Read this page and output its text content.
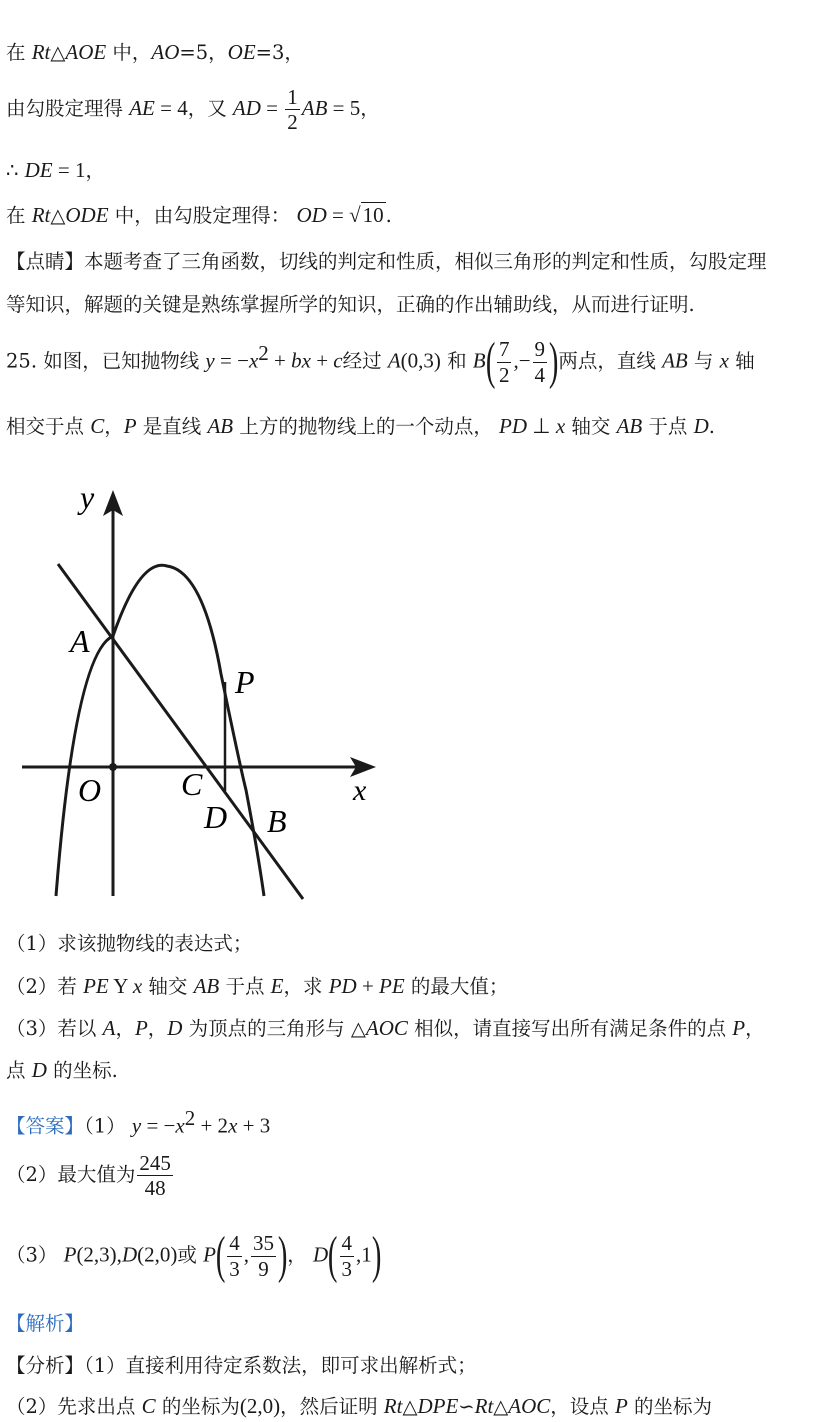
在 Rt△AOE 中，AO=5，OE=3，
由勾股定理得 AE = 4，又 AD = $\frac{1}{2}$ AB = 5，
∴ DE = 1，
在 Rt△ODE 中，由勾股定理得： OD = √10 .
【点睛】本题考查了三角函数，切线的判定和性质，相似三角形的判定和性质，勾股定理
等知识，解题的关键是熟练掌握所学的知识，正确的作出辅助线，从而进行证明.
25. 如图，已知抛物线 $y = -x^2$ + bx + c经过 A(0,3) 和 $B( \frac{7}{2}$ ,− $\frac{9}{4}$ )两点，直线 AB 与 x 轴
相交于点 C，P 是直线 AB 上方的抛物线上的一个动点， PD ⊥ x 轴交 AB 于点 D.
y
x
A
O C
D B
P
（1）求该抛物线的表达式；
（2）若 PE Y x 轴交 AB 于点 E，求 PD + PE 的最大值；
（3）若以 A，P，D 为顶点的三角形与 △AOC 相似，请直接写出所有满足条件的点 P，
点 D 的坐标.
【答案】（1） $y = -x^2 + 2x + 3$
（2）最大值为 $\frac{245}{48}$
（3） P(2,3),D(2,0)或 $P( \frac{4}{3}$ , $\frac{35}{9}$ )， $D( \frac{4}{3} ,1)$
【解析】
【分析】（1）直接利用待定系数法，即可求出解析式；
（2）先求出点 C 的坐标为(2,0)，然后证明 Rt△DPE∽Rt△AOC，设点 P 的坐标为
